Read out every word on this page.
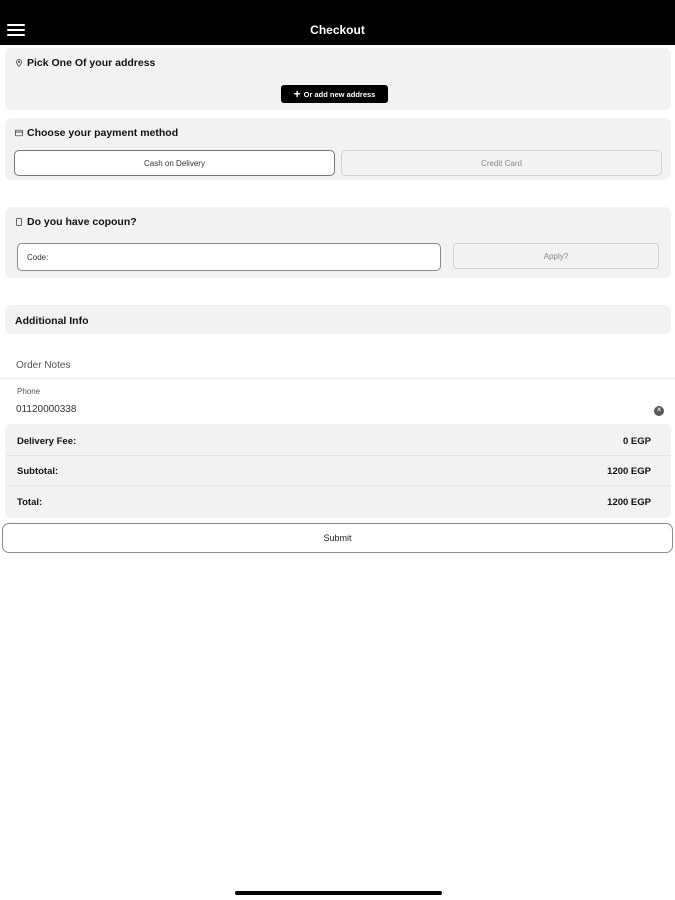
Checkout
Pick One Of your address
+ Or add new address
Choose your payment method
Cash on Delivery	Credit Card
Do you have copoun?
Code:
Apply?
Additional Info
Order Notes
Phone
01120000338
✕
Delivery Fee:	0 EGP
Subtotal:	1200 EGP
Total:	1200 EGP
Submit
